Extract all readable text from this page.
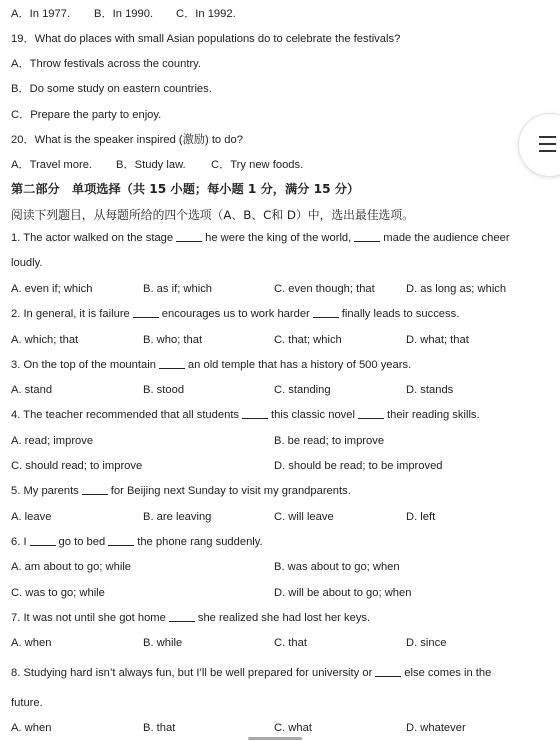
A．In 1977. B．In 1990. C．In 1992.
19．What do places with small Asian populations do to celebrate the festivals?
A．Throw festivals across the country.
B．Do some study on eastern countries.
C．Prepare the party to enjoy.
20．What is the speaker inspired (激励) to do?
A．Travel more. B．Study law. C．Try new foods.
第二部分　单项选择（共 15 小题；每小题 1 分，满分 15 分）
阅读下列题目，从每题所给的四个选项（A、B、C和 D）中，选出最佳选项。
1. The actor walked on the stage	he were the king of the world,	made the audience cheer
loudly.
A. even if; which	B. as if; which	C. even though; that	D. as long as; which
2. In general, it is failure	encourages us to work harder	finally leads to success.
A. which; that	B. who; that	C. that; which	D. what; that
3. On the top of the mountain	an old temple that has a history of 500 years.
A. stand	B. stood	C. standing	D. stands
4. The teacher recommended that all students	this classic novel	their reading skills.
A. read; improve	B. be read; to improve
C. should read; to improve	D. should be read; to be improved
5. My parents	for Beijing next Sunday to visit my grandparents.
A. leave	B. are leaving	C. will leave	D. left
6. I	go to bed	the phone rang suddenly.
A. am about to go; while	B. was about to go; when
C. was to go; while	D. will be about to go; when
7. It was not until she got home	she realized she had lost her keys.
A. when	B. while	C. that	D. since
8. Studying hard isn’t always fun, but I’ll be well prepared for university or	else comes in the
future.
A. when	B. that	C. what	D. whatever
